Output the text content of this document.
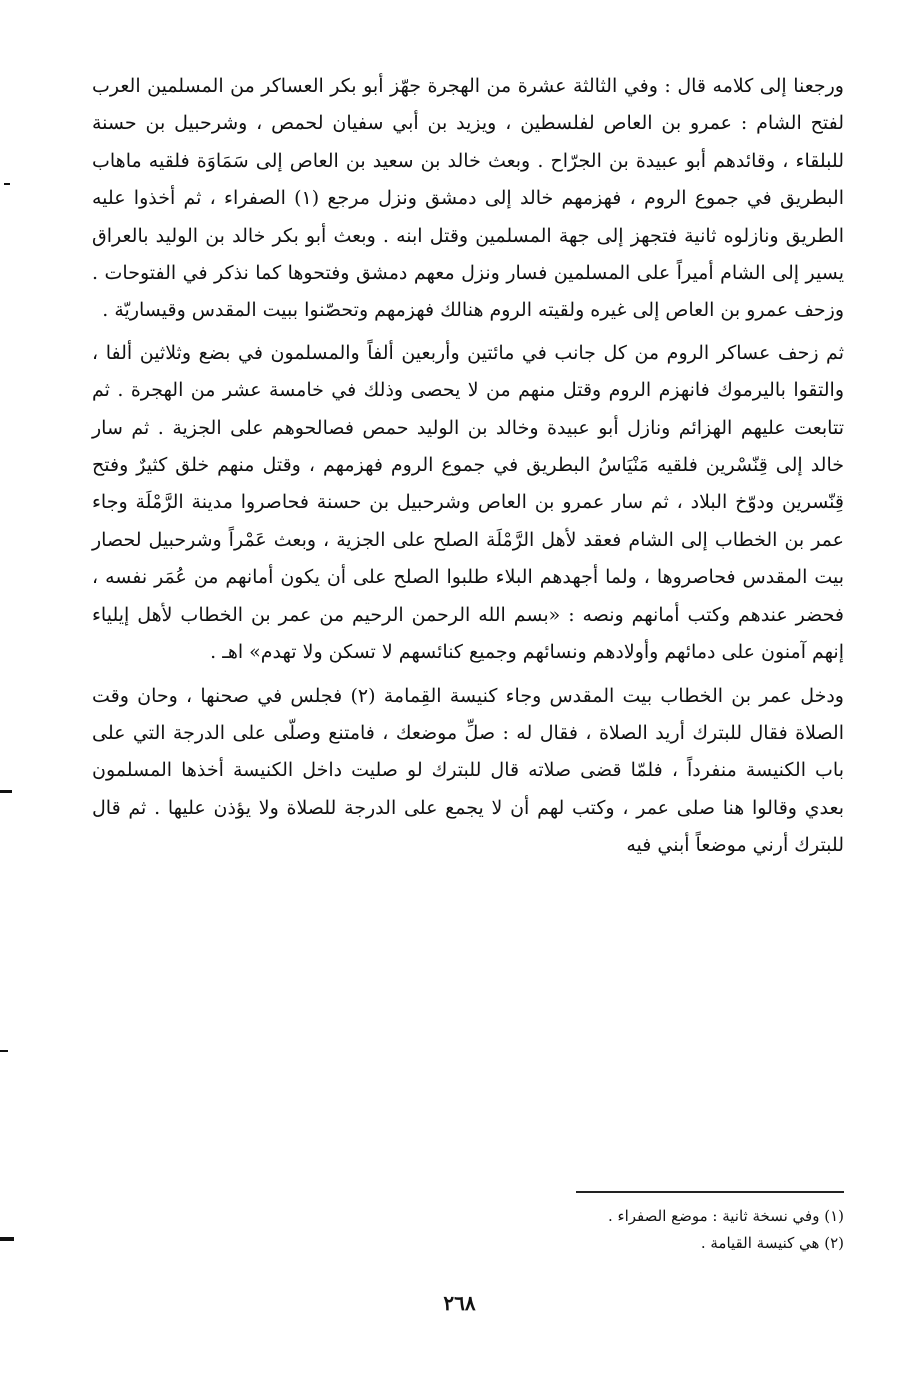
ورجعنا إلى كلامه قال : وفي الثالثة عشرة من الهجرة جهّز أبو بكر العساكر من المسلمين العرب لفتح الشام : عمرو بن العاص لفلسطين ، ويزيد بن أبي سفيان لحمص ، وشرحبيل بن حسنة للبلقاء ، وقائدهم أبو عبيدة بن الجرّاح . وبعث خالد بن سعيد بن العاص إلى سَمَاوَة فلقيه ماهاب البطريق في جموع الروم ، فهزمهم خالد إلى دمشق ونزل مرجع (١) الصفراء ، ثم أخذوا عليه الطريق ونازلوه ثانية فتجهز إلى جهة المسلمين وقتل ابنه . وبعث أبو بكر خالد بن الوليد بالعراق يسير إلى الشام أميراً على المسلمين فسار ونزل معهم دمشق وفتحوها كما نذكر في الفتوحات . وزحف عمرو بن العاص إلى غيره ولقيته الروم هنالك فهزمهم وتحصّنوا ببيت المقدس وقيساريّة .

ثم زحف عساكر الروم من كل جانب في مائتين وأربعين ألفاً والمسلمون في بضع وثلاثين ألفا ، والتقوا باليرموك فانهزم الروم وقتل منهم من لا يحصى وذلك في خامسة عشر من الهجرة . ثم تتابعت عليهم الهزائم ونازل أبو عبيدة وخالد بن الوليد حمص فصالحوهم على الجزية . ثم سار خالد إلى قِنّسْرين فلقيه مَنْيَاسُ البطريق في جموع الروم فهزمهم ، وقتل منهم خلق كثيرٌ وفتح قِنّسرين ودوّخ البلاد ، ثم سار عمرو بن العاص وشرحبيل بن حسنة فحاصروا مدينة الرَّمْلَة وجاء عمر بن الخطاب إلى الشام فعقد لأهل الرَّمْلَة الصلح على الجزية ، وبعث عَمْراً وشرحبيل لحصار بيت المقدس فحاصروها ، ولما أجهدهم البلاء طلبوا الصلح على أن يكون أمانهم من عُمَر نفسه ، فحضر عندهم وكتب أمانهم ونصه : «بسم الله الرحمن الرحيم من عمر بن الخطاب لأهل إيلياء إنهم آمنون على دمائهم وأولادهم ونسائهم وجميع كنائسهم لا تسكن ولا تهدم» اهـ .

ودخل عمر بن الخطاب بيت المقدس وجاء كنيسة القِمامة (٢) فجلس في صحنها ، وحان وقت الصلاة فقال للبترك أريد الصلاة ، فقال له : صلِّ موضعك ، فامتنع وصلّى على الدرجة التي على باب الكنيسة منفرداً ، فلمّا قضى صلاته قال للبترك لو صليت داخل الكنيسة أخذها المسلمون بعدي وقالوا هنا صلى عمر ، وكتب لهم أن لا يجمع على الدرجة للصلاة ولا يؤذن عليها . ثم قال للبترك أرني موضعاً أبني فيه

(١) وفي نسخة ثانية : موضع الصفراء .

(٢) هي كنيسة القيامة .

٢٦٨
